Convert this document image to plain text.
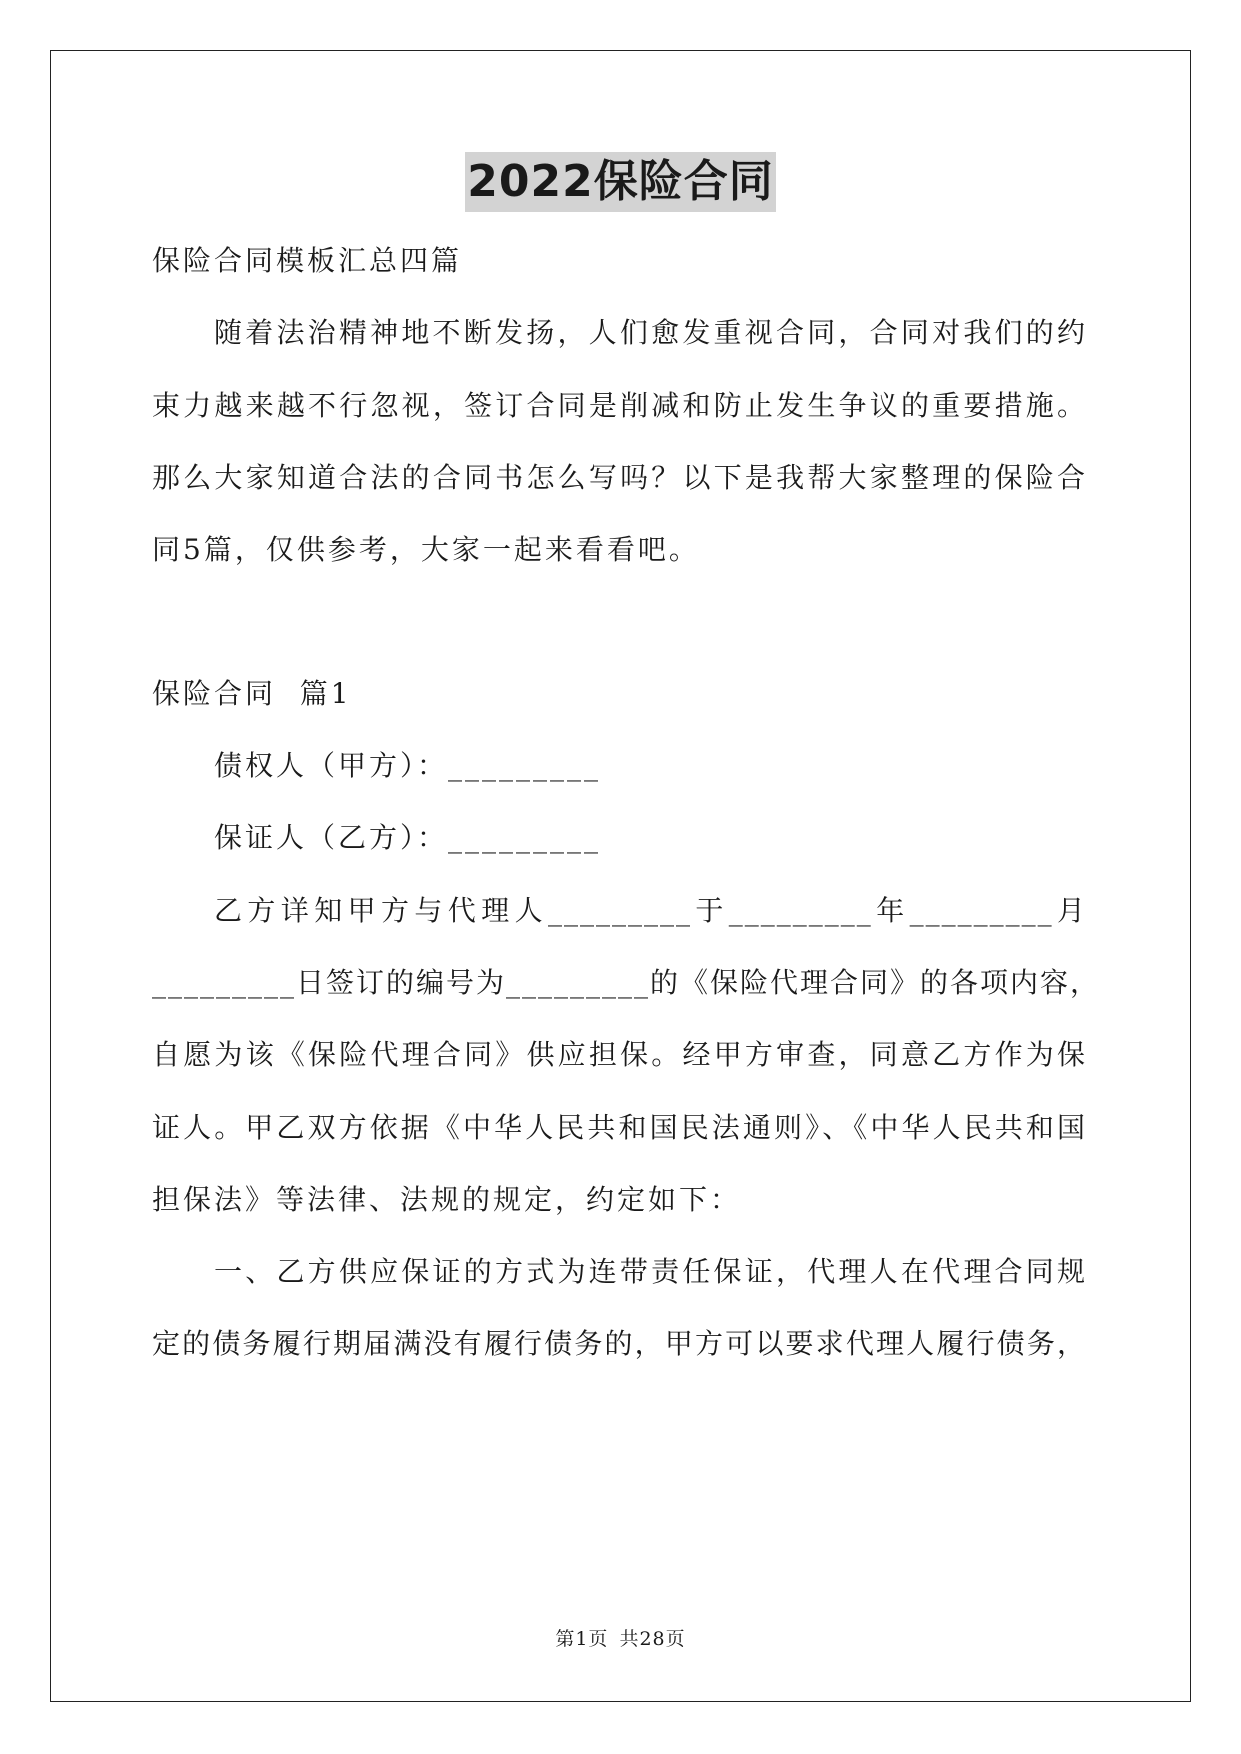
2022保险合同
保险合同模板汇总四篇
随着法治精神地不断发扬，人们愈发重视合同，合同对我们的约
束力越来越不行忽视，签订合同是削减和防止发生争议的重要措施。
那么大家知道合法的合同书怎么写吗？以下是我帮大家整理的保险合
同5篇，仅供参考，大家一起来看看吧。
保险合同  篇1
债权人（甲方）：_________
保证人（乙方）：_________
乙方详知甲方与代理人_________于_________年_________月
_________日签订的编号为_________的《保险代理合同》的各项内容，
自愿为该《保险代理合同》供应担保。经甲方审查，同意乙方作为保
证人。甲乙双方依据《中华人民共和国民法通则》、《中华人民共和国
担保法》等法律、法规的规定，约定如下：
一、乙方供应保证的方式为连带责任保证，代理人在代理合同规
定的债务履行期届满没有履行债务的，甲方可以要求代理人履行债务，
第1页 共28页
